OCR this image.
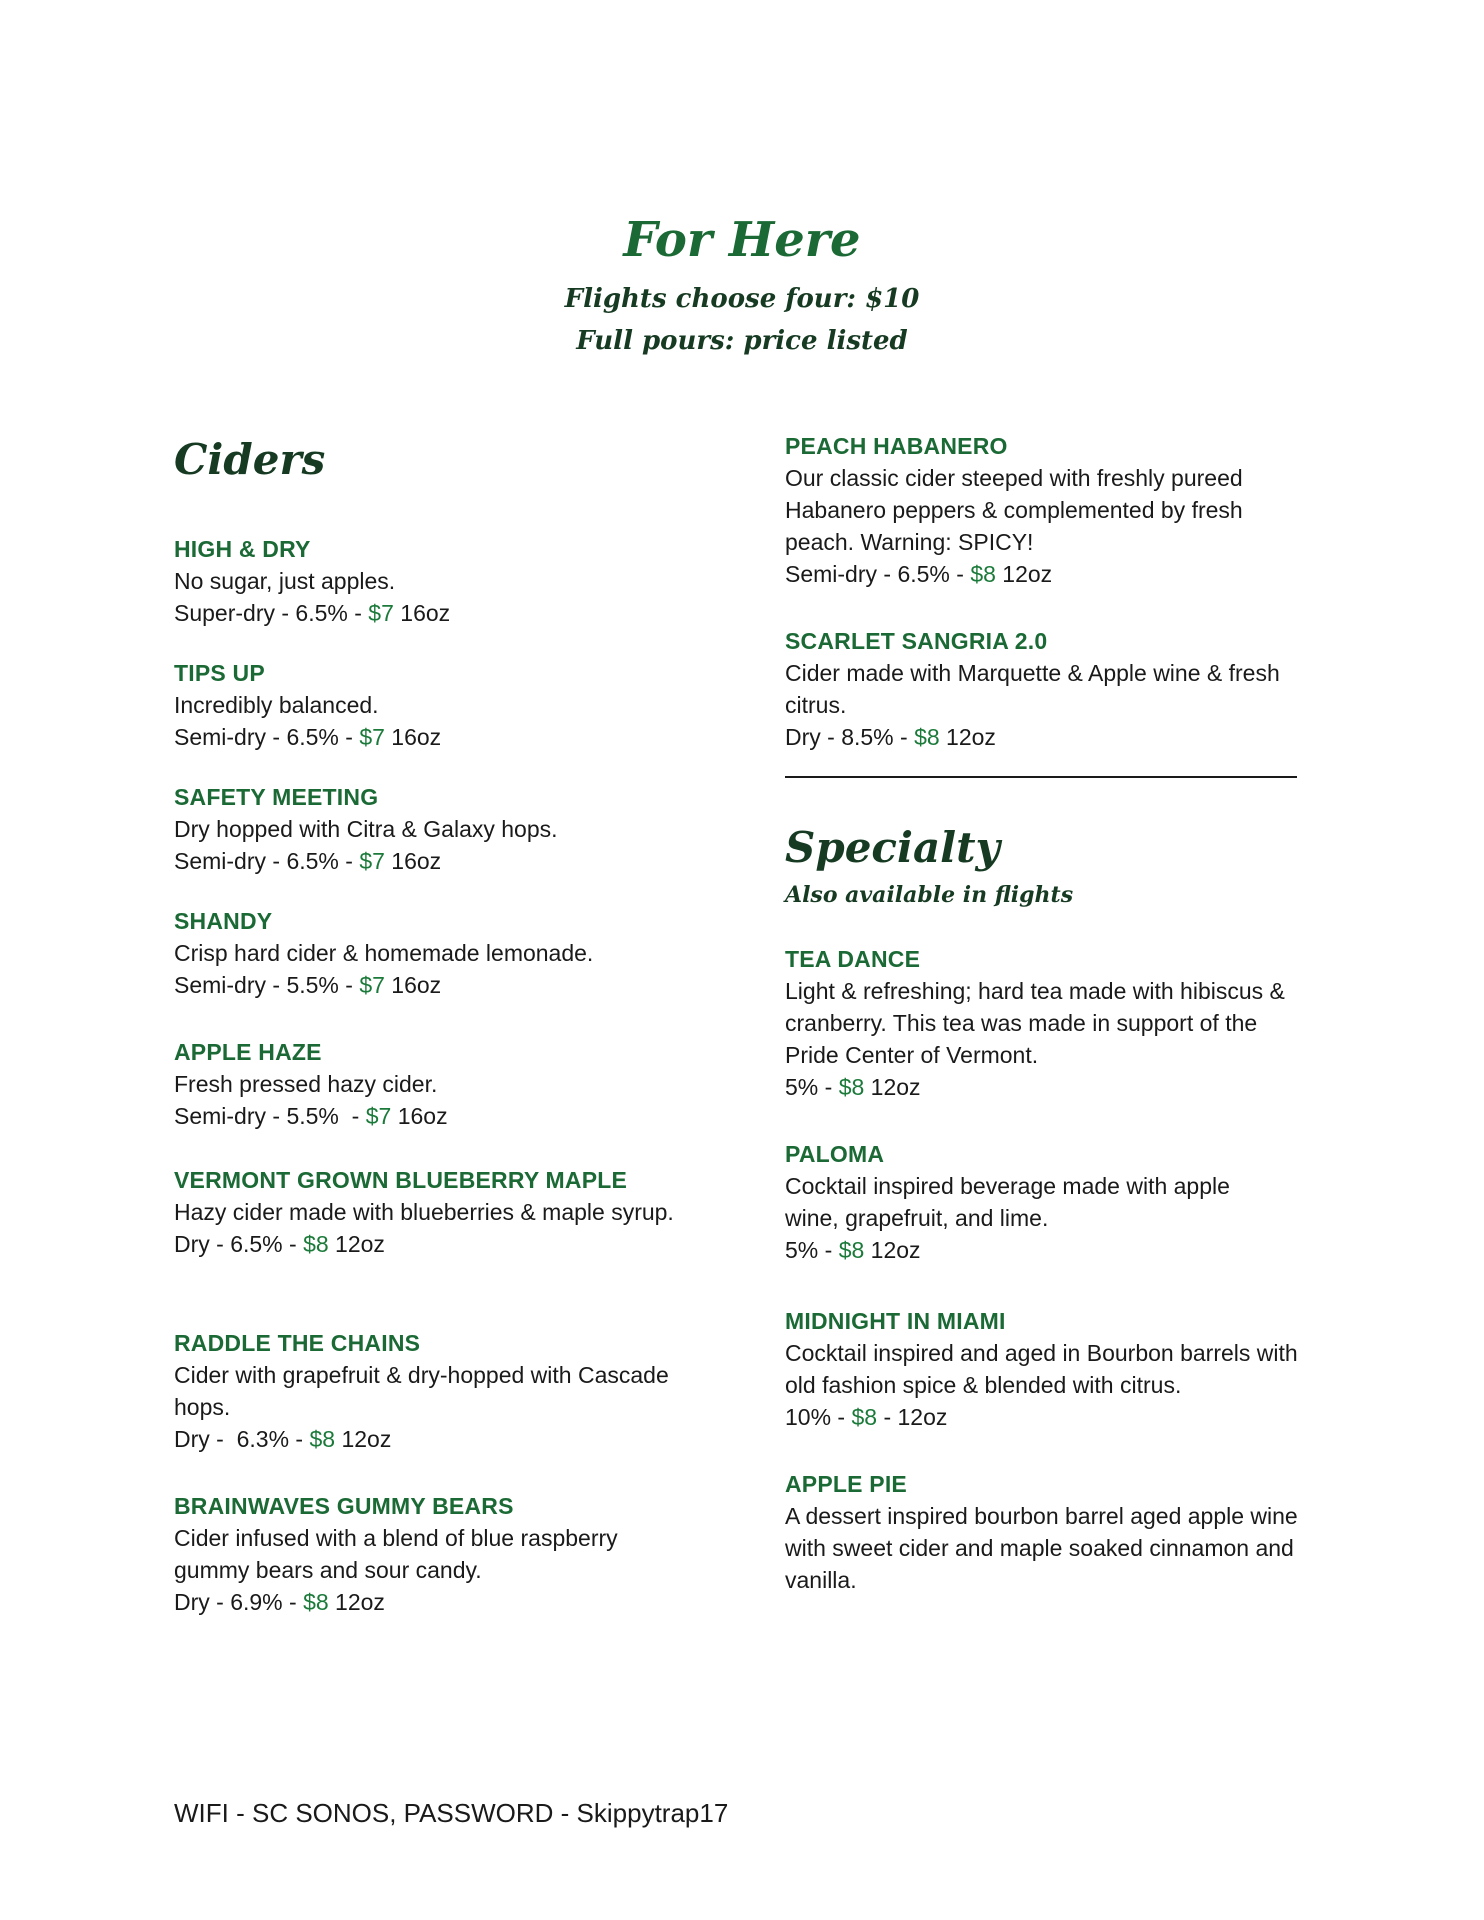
For Here

Flights choose four: $10

Full pours: price listed

Ciders

HIGH & DRY

No sugar, just apples.

Super-dry - 6.5% - $7 16oz

TIPS UP

Incredibly balanced.

Semi-dry - 6.5% - $7 16oz

SAFETY MEETING

Dry hopped with Citra & Galaxy hops.

Semi-dry - 6.5% - $7 16oz

SHANDY

Crisp hard cider & homemade lemonade.

Semi-dry - 5.5% - $7 16oz

APPLE HAZE

Fresh pressed hazy cider.

Semi-dry - 5.5%  - $7 16oz

VERMONT GROWN BLUEBERRY MAPLE

Hazy cider made with blueberries & maple syrup.

Dry - 6.5% - $8 12oz

RADDLE THE CHAINS

Cider with grapefruit & dry-hopped with Cascade hops.

Dry -  6.3% - $8 12oz

BRAINWAVES GUMMY BEARS

Cider infused with a blend of blue raspberry gummy bears and sour candy.

Dry - 6.9% - $8 12oz

PEACH HABANERO

Our classic cider steeped with freshly pureed Habanero peppers & complemented by fresh peach. Warning: SPICY!

Semi-dry - 6.5% - $8 12oz

SCARLET SANGRIA 2.0

Cider made with Marquette & Apple wine & fresh citrus.

Dry - 8.5% - $8 12oz

Specialty

Also available in flights

TEA DANCE

Light & refreshing; hard tea made with hibiscus & cranberry. This tea was made in support of the Pride Center of Vermont.

5% - $8 12oz

PALOMA

Cocktail inspired beverage made with apple wine, grapefruit, and lime.

5% - $8 12oz

MIDNIGHT IN MIAMI

Cocktail inspired and aged in Bourbon barrels with old fashion spice & blended with citrus.

10% - $8 - 12oz

APPLE PIE

A dessert inspired bourbon barrel aged apple wine with sweet cider and maple soaked cinnamon and vanilla.

WIFI - SC SONOS, PASSWORD - Skippytrap17
